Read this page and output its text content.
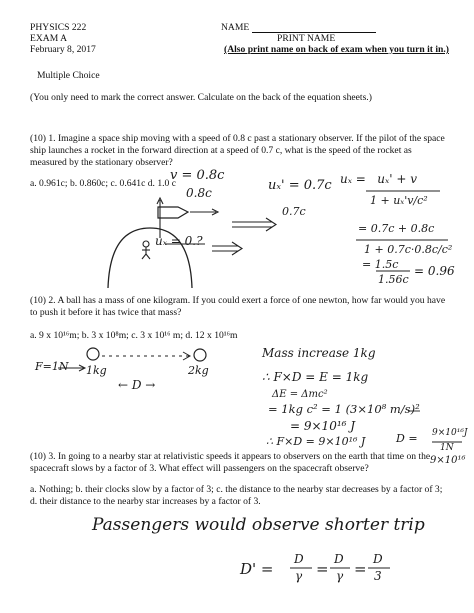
PHYSICS 222
EXAM A
February 8, 2017
NAME
PRINT NAME
(Also print name on back of exam when you turn it in.)
Multiple Choice
(You only need to mark the correct answer. Calculate on the back of the equation sheets.)
(10) 1. Imagine a space ship moving with a speed of 0.8 c past a stationary observer. If the pilot of the space ship launches a rocket in the forward direction at a speed of 0.7 c, what is the speed of the rocket as measured by the stationary observer?
a. 0.961c; b. 0.860c; c. 0.641c d. 1.0 c
(10) 2. A ball has a mass of one kilogram. If you could exert a force of one newton, how far would you have to push it before it has twice that mass?
a. 9 x 10¹⁶m; b. 3 x 10⁸m; c. 3 x 10¹⁶ m; d. 12 x 10¹⁶m
(10) 3. In going to a nearby star at relativistic speeds it appears to observers on the earth that time on the spacecraft slows by a factor of 3. What effect will passengers on the spacecraft observe?
a. Nothing; b. their clocks slow by a factor of 3; c. the distance to the nearby star decreases by a factor of 3; d. their distance to the nearby star increases by a factor of 3.
v = 0.8c
0.8c
0.7c
uₓ = 0.?
uₓ' = 0.7c uₓ =   uₓ' + v
1 + uₓ'v/c²
= 0.7c + 0.8c
1 + 0.7c·0.8c/c²
= 1.5c
1.56c
= 0.96
F=1N 1kg	2kg
← D →
Mass increase 1kg
∴ F×D = E = 1kg
ΔE = Δmc²
= 1kg c² = 1 (3×10⁸ m/s)²
= 9×10¹⁶ J
∴ F×D = 9×10¹⁶ J	D = 9×10¹⁶J
1N
9×10¹⁶
Passengers would observe shorter trip
D' =
D
γ =
D
γ =
D
3
